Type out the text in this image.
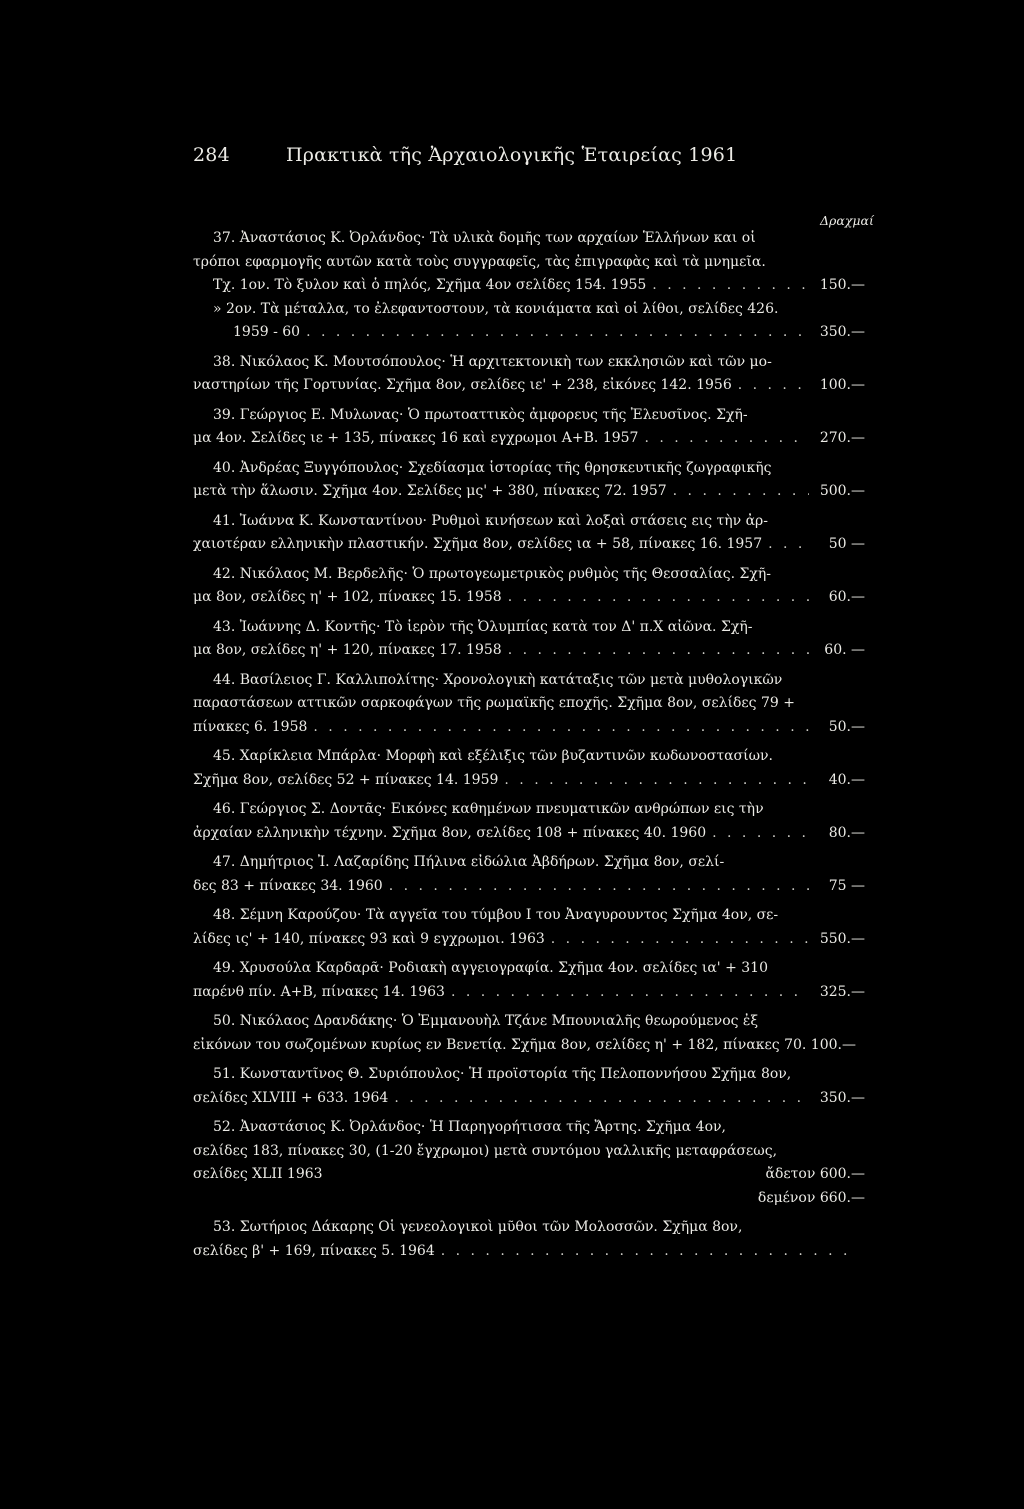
284	Πρακτικὰ τῆς Ἀρχαιολογικῆς Ἑταιρείας 1961
Δραχμαί
37. Ἀναστάσιος Κ. Ὀρλάνδος· Τὰ υλικὰ δομῆς των αρχαίων Ἑλλήνων και οἱ
τρόποι εφαρμογῆς αυτῶν κατὰ τοὺς συγγραφεῖς, τὰς ἐπιγραφὰς καὶ τὰ μνημεῖα.
Τχ. 1ον. Τὸ ξυλον καὶ ὁ πηλός, Σχῆμα 4ον σελίδες 154. 1955 . . .	150.—
» 2ον. Τὰ μέταλλα, το ἐλεφαντοστουν, τὰ κονιάματα καὶ οἱ λίθοι, σελίδες 426.
1959 - 60 . . .	350.—
38. Νικόλαος Κ. Μουτσόπουλος· Ἡ αρχιτεκτονικὴ των εκκλησιῶν καὶ τῶν μο-
ναστηρίων τῆς Γορτυνίας. Σχῆμα 8ον, σελίδες ιε' + 238, εἰκόνες 142. 1956 . . .	100.—
39. Γεώργιος Ε. Μυλωνας· Ὁ πρωτοαττικὸς ἀμφορευς τῆς Ἐλευσῖνος. Σχῆ-
μα 4ον. Σελίδες ιε + 135, πίνακες 16 καὶ εγχρωμοι Α+Β. 1957 . . .	270.—
40. Ἀνδρέας Ξυγγόπουλος· Σχεδίασμα ἱστορίας τῆς θρησκευτικῆς ζωγραφικῆς
μετὰ τὴν ἅλωσιν. Σχῆμα 4ον. Σελίδες μς' + 380, πίνακες 72. 1957 . . .	500.—
41. Ἰωάννα Κ. Κωνσταντίνου· Ρυθμοὶ κινήσεων καὶ λοξαὶ στάσεις εις τὴν ἀρ-
χαιοτέραν ελληνικὴν πλαστικήν. Σχῆμα 8ον, σελίδες ια + 58, πίνακες 16. 1957 . . .	50 —
42. Νικόλαος Μ. Βερδελῆς· Ὁ πρωτογεωμετρικὸς ρυθμὸς τῆς Θεσσαλίας. Σχῆ-
μα 8ον, σελίδες η' + 102, πίνακες 15. 1958 . . .	60.—
43. Ἰωάννης Δ. Κοντῆς· Τὸ ἱερὸν τῆς Ὀλυμπίας κατὰ τον Δ' π.Χ αἰῶνα. Σχῆ-
μα 8ον, σελίδες η' + 120, πίνακες 17. 1958 . . .	60. —
44. Βασίλειος Γ. Καλλιπολίτης· Χρονολογικὴ κατάταξις τῶν μετὰ μυθολογικῶν
παραστάσεων αττικῶν σαρκοφάγων τῆς ρωμαϊκῆς εποχῆς. Σχῆμα 8ον, σελίδες 79 +
πίνακες 6. 1958 . . .	50.—
45. Χαρίκλεια Μπάρλα· Μορφὴ καὶ εξέλιξις τῶν βυζαντινῶν κωδωνοστασίων.
Σχῆμα 8ον, σελίδες 52 + πίνακες 14. 1959 . . .	40.—
46. Γεώργιος Σ. Δοντᾶς· Εικόνες καθημένων πνευματικῶν ανθρώπων εις τὴν
ἀρχαίαν ελληνικὴν τέχνην. Σχῆμα 8ον, σελίδες 108 + πίνακες 40. 1960 . . .	80.—
47. Δημήτριος Ἰ. Λαζαρίδης Πήλινα εἰδώλια Ἀβδήρων. Σχῆμα 8ον, σελί-
δες 83 + πίνακες 34. 1960 . . .	75 —
48. Σέμνη Καρούζου· Τὰ αγγεῖα του τύμβου Ι του Ἀναγυρουντος Σχῆμα 4ον, σε-
λίδες ις' + 140, πίνακες 93 καὶ 9 εγχρωμοι. 1963 . . .	550.—
49. Χρυσούλα Καρδαρᾶ· Ροδιακὴ αγγειογραφία. Σχῆμα 4ον. σελίδες ια' + 310
παρένθ πίν. Α+Β, πίνακες 14. 1963 . . .	325.—
50. Νικόλαος Δρανδάκης· Ὁ Ἐμμανουὴλ Τζάνε Μπουνιαλῆς θεωρούμενος ἐξ
εἰκόνων του σωζομένων κυρίως εν Βενετίᾳ. Σχῆμα 8ον, σελίδες η' + 182, πίνακες 70. 100.—
51. Κωνσταντῖνος Θ. Συριόπουλος· Ἡ προϊστορία τῆς Πελοποννήσου Σχῆμα 8ον,
σελίδες XLVIII + 633. 1964 . . .	350.—
52. Ἀναστάσιος Κ. Ὀρλάνδος· Ἡ Παρηγορήτισσα τῆς Ἄρτης. Σχῆμα 4ον,
σελίδες 183, πίνακες 30, (1-20 ἔγχρωμοι) μετὰ συντόμου γαλλικῆς μεταφράσεως,
σελίδες XLII 1963	ἄδετον 600.—
δεμένον 660.—
53. Σωτήριος Δάκαρης Οἱ γενεολογικοὶ μῦθοι τῶν Μολοσσῶν. Σχῆμα 8ον,
σελίδες β' + 169, πίνακες 5. 1964
. . .
